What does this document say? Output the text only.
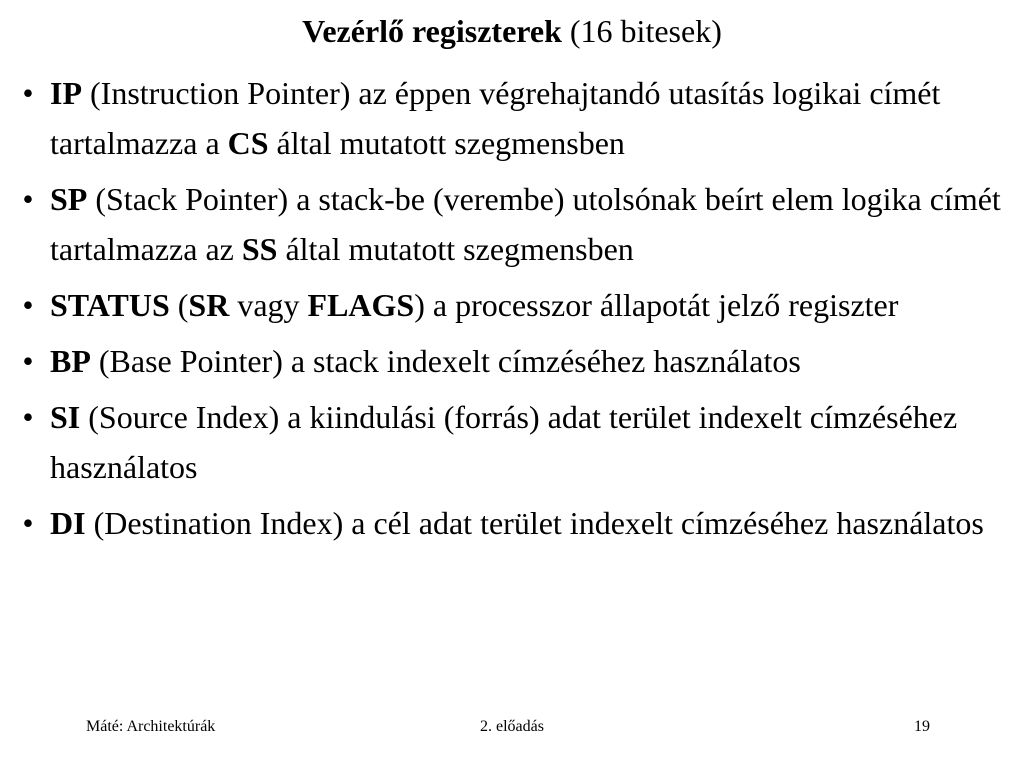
Vezérlő regiszterek (16 bitesek)
• IP (Instruction Pointer) az éppen végrehajtandó utasítás logikai címét tartalmazza a CS által mutatott szegmensben
• SP (Stack Pointer) a stack-be (verembe) utolsónak beírt elem logika címét tartalmazza az SS által mutatott szegmensben
• STATUS (SR vagy FLAGS) a processzor állapotát jelző regiszter
• BP (Base Pointer) a stack indexelt címzéséhez használatos
• SI (Source Index) a kiindulási (forrás) adat terület indexelt címzéséhez használatos
• DI (Destination Index) a cél adat terület indexelt címzéséhez használatos
Máté: Architektúrák	2. előadás	19
